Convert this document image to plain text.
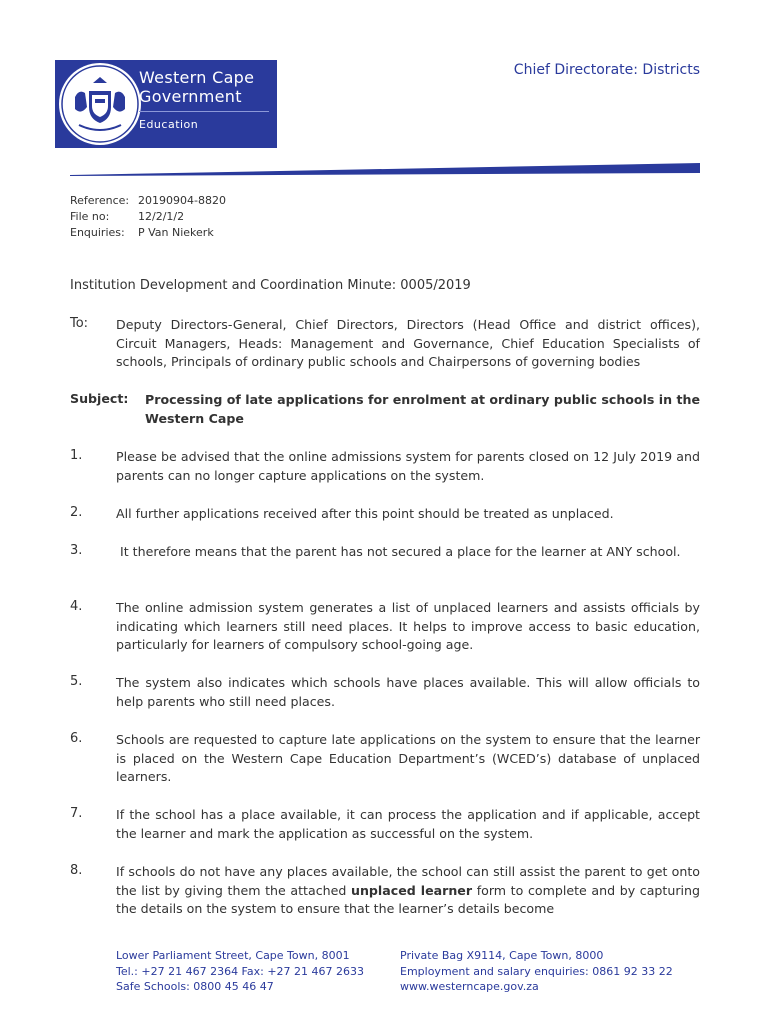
Western Cape
Government
Education
Chief Directorate: Districts
Reference: 20190904-8820
File no:	12/2/1/2
Enquiries: P Van Niekerk
Institution Development and Coordination Minute: 0005/2019
To: Deputy Directors-General, Chief Directors, Directors (Head Office and district offices), Circuit Managers, Heads: Management and Governance, Chief Education Specialists of schools, Principals of ordinary public schools and Chairpersons of governing bodies

Subject: Processing of late applications for enrolment at ordinary public schools in the Western Cape

1.	Please be advised that the online admissions system for parents closed on 12 July 2019 and parents can no longer capture applications on the system.

2.	All further applications received after this point should be treated as unplaced.

3.	It therefore means that the parent has not secured a place for the learner at ANY school.

4.	The online admission system generates a list of unplaced learners and assists officials by indicating which learners still need places. It helps to improve access to basic education, particularly for learners of compulsory school-going age.

5.	The system also indicates which schools have places available. This will allow officials to help parents who still need places.

6.	Schools are requested to capture late applications on the system to ensure that the learner is placed on the Western Cape Education Department’s (WCED’s) database of unplaced learners.

7.	If the school has a place available, it can process the application and if applicable, accept the learner and mark the application as successful on the system.

8.	If schools do not have any places available, the school can still assist the parent to get onto the list by giving them the attached unplaced learner form to complete and by capturing the details on the system to ensure that the learner’s details become

Lower Parliament Street, Cape Town, 8001
Tel.: +27 21 467 2364 Fax: +27 21 467 2633
Safe Schools: 0800 45 46 47
Private Bag X9114, Cape Town, 8000
Employment and salary enquiries: 0861 92 33 22
www.westerncape.gov.za
